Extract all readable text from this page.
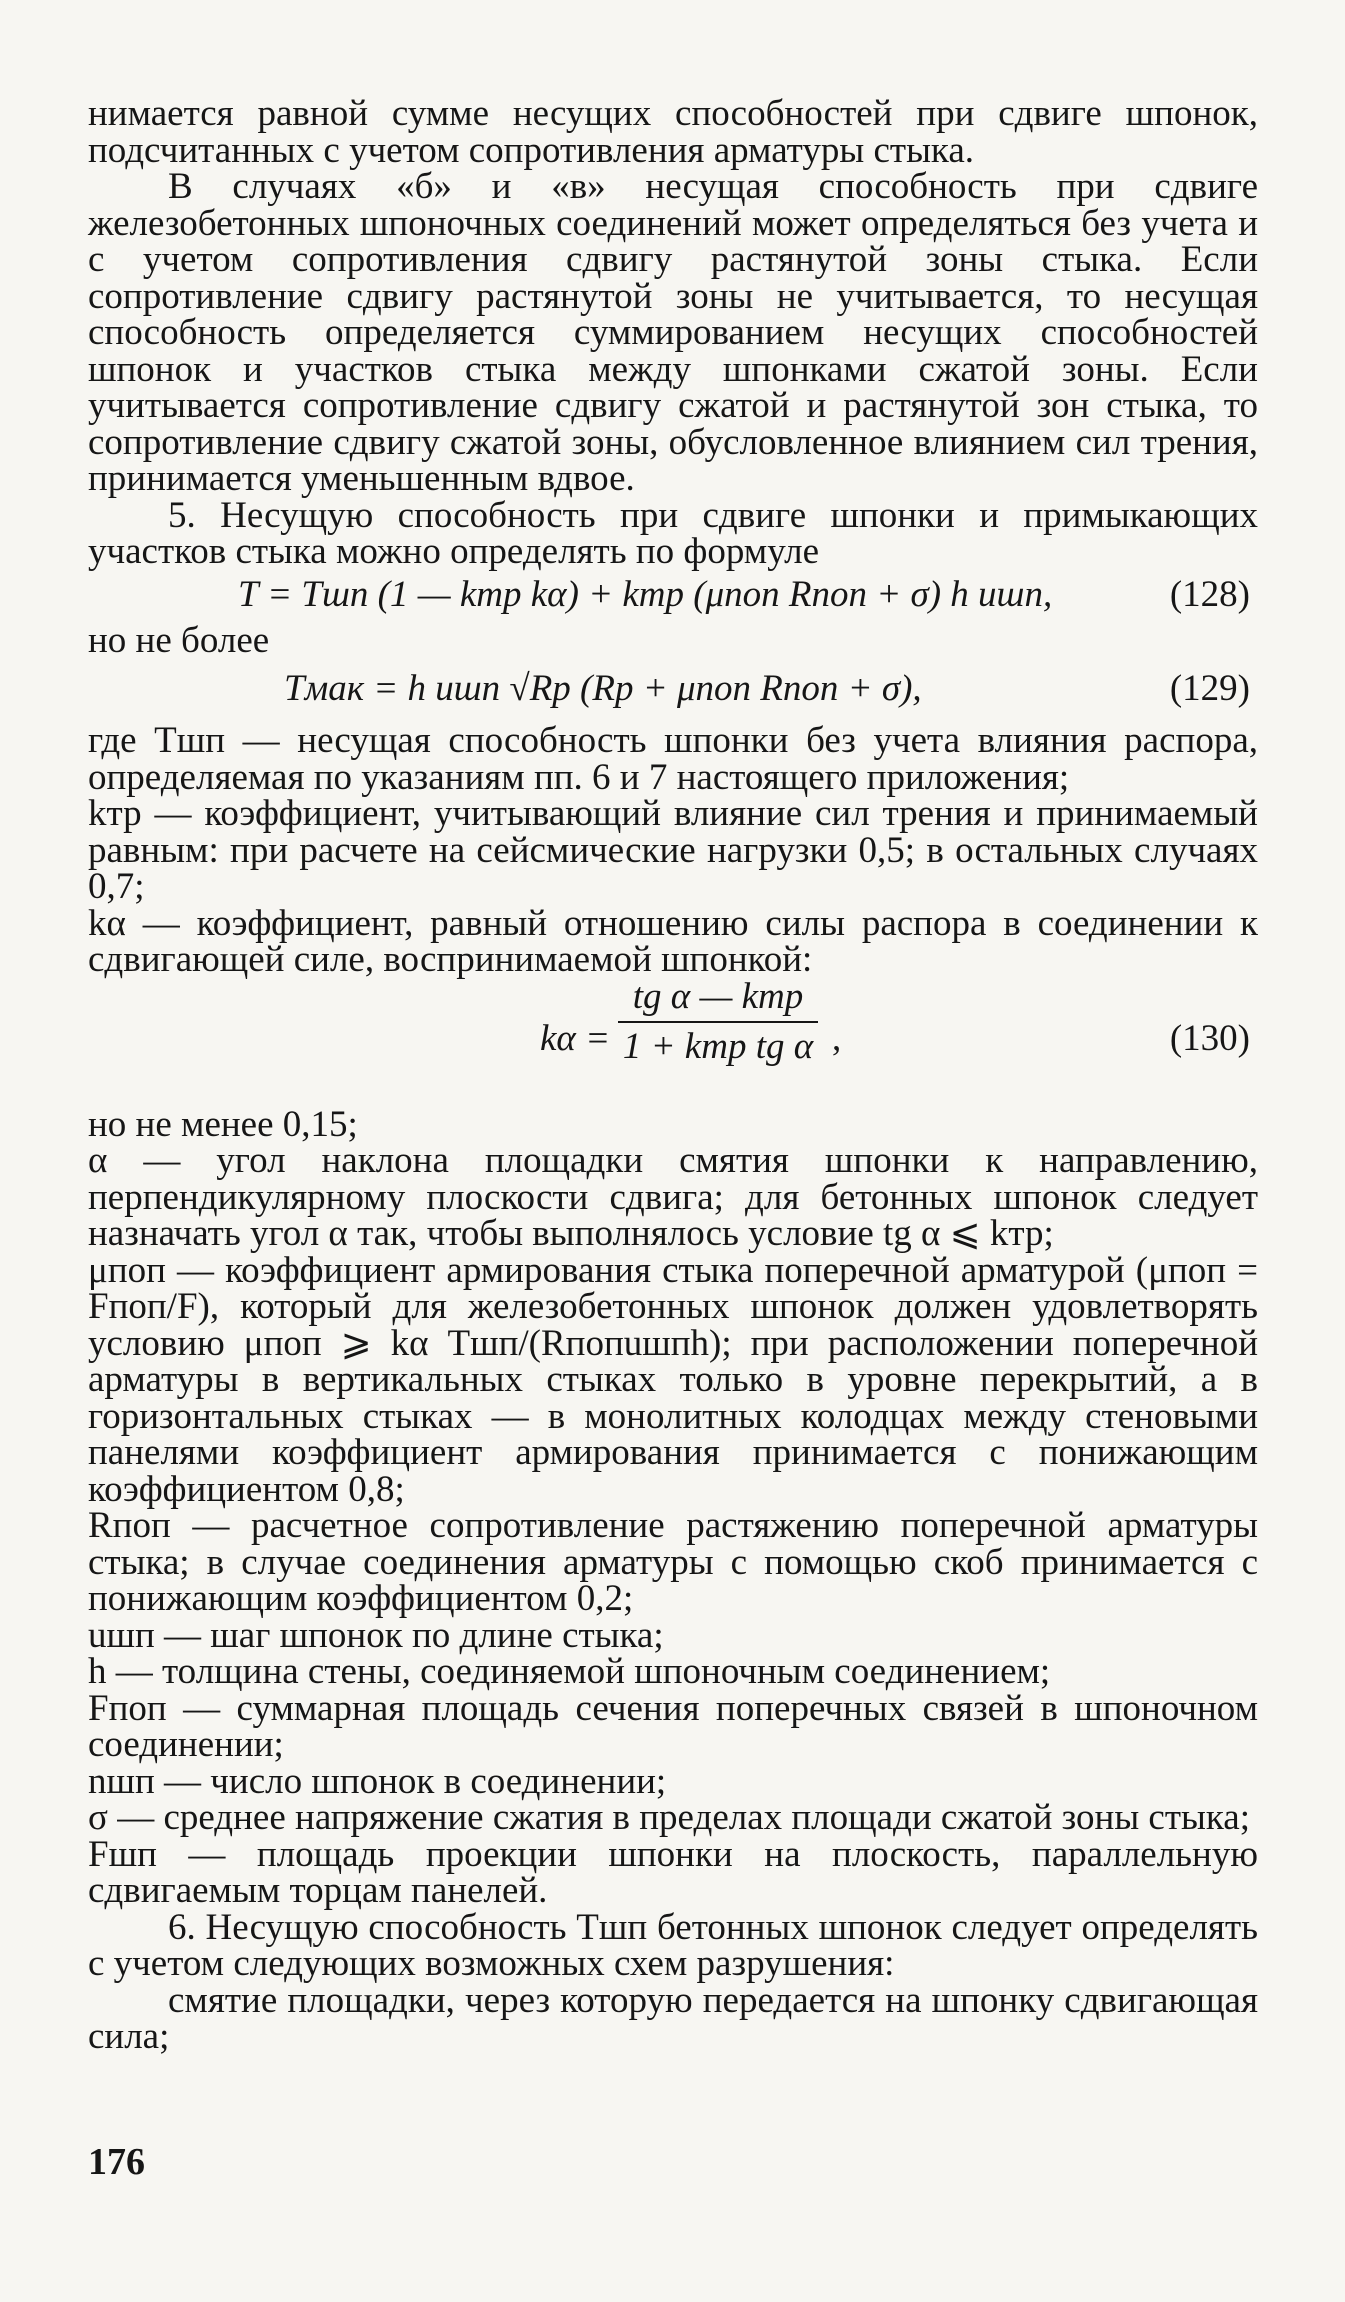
нимается равной сумме несущих способностей при сдвиге шпонок, подсчитанных с учетом сопротивления арматуры стыка.

В случаях «б» и «в» несущая способность при сдвиге железобетонных шпоночных соединений может определяться без учета и с учетом сопротивления сдвигу растянутой зоны стыка. Если сопротивление сдвигу растянутой зоны не учитывается, то несущая способность определяется суммированием несущих способностей шпонок и участков стыка между шпонками сжатой зоны. Если учитывается сопротивление сдвигу сжатой и растянутой зон стыка, то сопротивление сдвигу сжатой зоны, обусловленное влиянием сил трения, принимается уменьшенным вдвое.

5. Несущую способность при сдвиге шпонки и примыкающих участков стыка можно определять по формуле

T = Tшп (1 — kтр kα) + kтр (μпоп Rпоп + σ) h uшп,	(128)

но не более

Tмак = h uшп √Rр (Rр + μпоп Rпоп + σ),	(129)

где Tшп — несущая способность шпонки без учета влияния распора, определяемая по указаниям пп. 6 и 7 настоящего приложения;

kтр — коэффициент, учитывающий влияние сил трения и принимаемый равным: при расчете на сейсмические нагрузки 0,5; в остальных случаях 0,7;

kα — коэффициент, равный отношению силы распора в соединении к сдвигающей силе, воспринимаемой шпонкой:

kα =
tg α — kтр
1 + kтр tg α ,	(130)

но не менее 0,15;

α — угол наклона площадки смятия шпонки к направлению, перпендикулярному плоскости сдвига; для бетонных шпонок следует назначать угол α так, чтобы выполнялось условие tg α ⩽ kтр;

μпоп — коэффициент армирования стыка поперечной арматурой (μпоп = Fпоп/F), который для железобетонных шпонок должен удовлетворять условию μпоп ⩾ kα Tшп/(Rпопuшпh); при расположении поперечной арматуры в вертикальных стыках только в уровне перекрытий, а в горизонтальных стыках — в монолитных колодцах между стеновыми панелями коэффициент армирования принимается с понижающим коэффициентом 0,8;

Rпоп — расчетное сопротивление растяжению поперечной арматуры стыка; в случае соединения арматуры с помощью скоб принимается с понижающим коэффициентом 0,2;

uшп — шаг шпонок по длине стыка;

h — толщина стены, соединяемой шпоночным соединением;

Fпоп — суммарная площадь сечения поперечных связей в шпоночном соединении;

nшп — число шпонок в соединении;

σ — среднее напряжение сжатия в пределах площади сжатой зоны стыка;

Fшп — площадь проекции шпонки на плоскость, параллельную сдвигаемым торцам панелей.

6. Несущую способность Tшп бетонных шпонок следует определять с учетом следующих возможных схем разрушения:

смятие площадки, через которую передается на шпонку сдвигающая сила;

176
